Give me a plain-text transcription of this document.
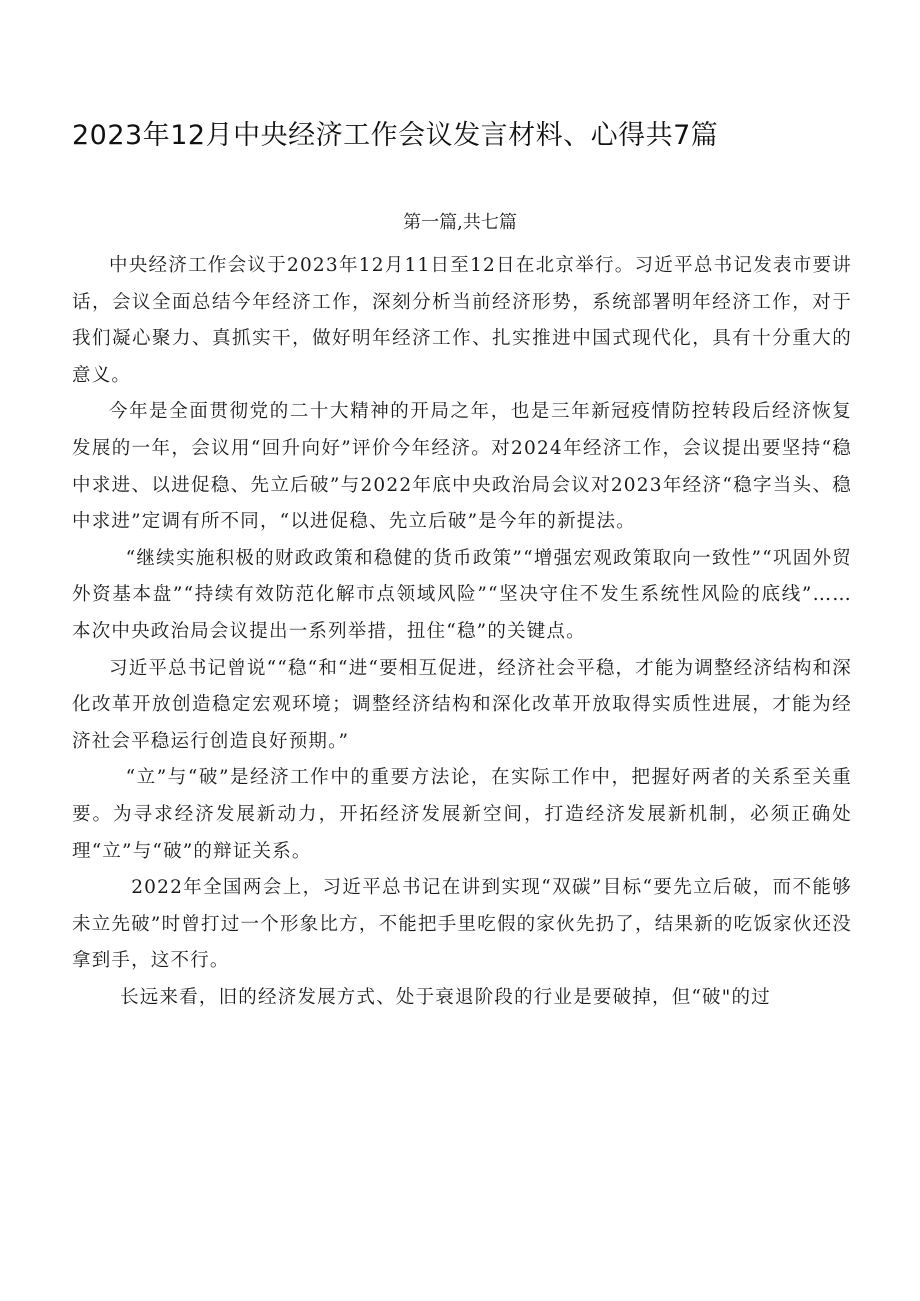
2023年12月中央经济工作会议发言材料、心得共7篇
第一篇,共七篇

中央经济工作会议于2023年12月11日至12日在北京举行。习近平总书记发表市要讲话，会议全面总结今年经济工作，深刻分析当前经济形势，系统部署明年经济工作，对于我们凝心聚力、真抓实干，做好明年经济工作、扎实推进中国式现代化，具有十分重大的意义。

今年是全面贯彻党的二十大精神的开局之年，也是三年新冠疫情防控转段后经济恢复发展的一年，会议用“回升向好”评价今年经济。对2024年经济工作，会议提出要坚持“稳中求进、以进促稳、先立后破”与2022年底中央政治局会议对2023年经济“稳字当头、稳中求进”定调有所不同，“以进促稳、先立后破”是今年的新提法。

“继续实施积极的财政政策和稳健的货币政策”“增强宏观政策取向一致性”“巩固外贸外资基本盘”“持续有效防范化解市点领域风险”“坚决守住不发生系统性风险的底线”……本次中央政治局会议提出一系列举措，扭住“稳”的关键点。

习近平总书记曾说““稳“和“进“要相互促进，经济社会平稳，才能为调整经济结构和深化改革开放创造稳定宏观环境；调整经济结构和深化改革开放取得实质性进展，才能为经济社会平稳运行创造良好预期。”

“立”与“破”是经济工作中的重要方法论，在实际工作中，把握好两者的关系至关重要。为寻求经济发展新动力，开拓经济发展新空间，打造经济发展新机制，必须正确处理“立”与“破”的辩证关系。

2022年全国两会上，习近平总书记在讲到实现“双碳”目标“要先立后破，而不能够未立先破”时曾打过一个形象比方，不能把手里吃假的家伙先扔了，结果新的吃饭家伙还没拿到手，这不行。

长远来看，旧的经济发展方式、处于衰退阶段的行业是要破掉，但“破"的过
